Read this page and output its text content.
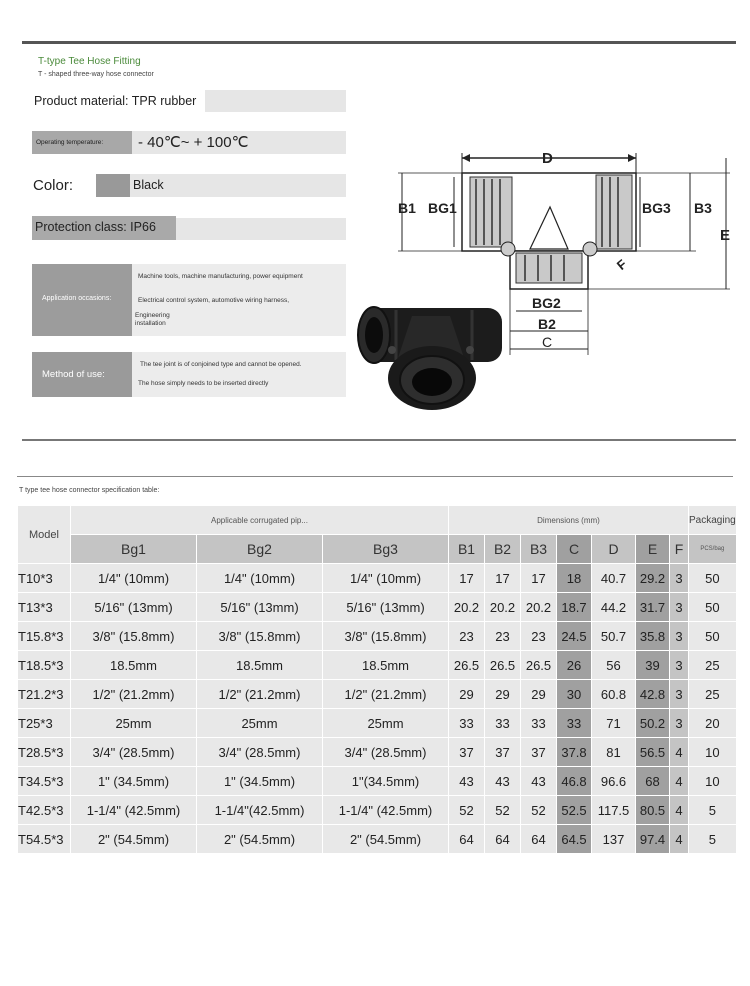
T-type Tee Hose Fitting
T - shaped three-way hose connector
Product material: TPR rubber
Operating temperature: - 40℃~ + 100℃
Color:	Black
Protection class: IP66
Application occasions:
Machine tools, machine manufacturing, power equipment
Electrical control system, automotive wiring harness,
Engineering installation
Method of use:
The tee joint is of conjoined type and cannot be opened.
The hose simply needs to be inserted directly
D
B1 BG1	BG3 B3
E
F
BG2
B2
C
T type tee hose connector specification table:
Model	Applicable corrugated pip...			Dimensions (mm)							Packaging
	Bg1	Bg2	Bg3	B1	B2	B3	C	D	E	F	PCS/bag
T10*3	1/4" (10mm)	1/4" (10mm)	1/4" (10mm)	17	17	17	18	40.7	29.2	3	50
T13*3	5/16" (13mm)	5/16" (13mm)	5/16" (13mm)	20.2	20.2	20.2	18.7	44.2	31.7	3	50
T15.8*3	3/8" (15.8mm)	3/8" (15.8mm)	3/8" (15.8mm)	23	23	23	24.5	50.7	35.8	3	50
T18.5*3	18.5mm	18.5mm	18.5mm	26.5	26.5	26.5	26	56	39	3	25
T21.2*3	1/2" (21.2mm)	1/2" (21.2mm)	1/2" (21.2mm)	29	29	29	30	60.8	42.8	3	25
T25*3	25mm	25mm	25mm	33	33	33	33	71	50.2	3	20
T28.5*3	3/4" (28.5mm)	3/4" (28.5mm)	3/4" (28.5mm)	37	37	37	37.8	81	56.5	4	10
T34.5*3	1" (34.5mm)	1" (34.5mm)	1"(34.5mm)	43	43	43	46.8	96.6	68	4	10
T42.5*3	1-1/4" (42.5mm)	1-1/4"(42.5mm)	1-1/4" (42.5mm)	52	52	52	52.5	117.5	80.5	4	5
T54.5*3	2" (54.5mm)	2" (54.5mm)	2" (54.5mm)	64	64	64	64.5	137	97.4	4	5
